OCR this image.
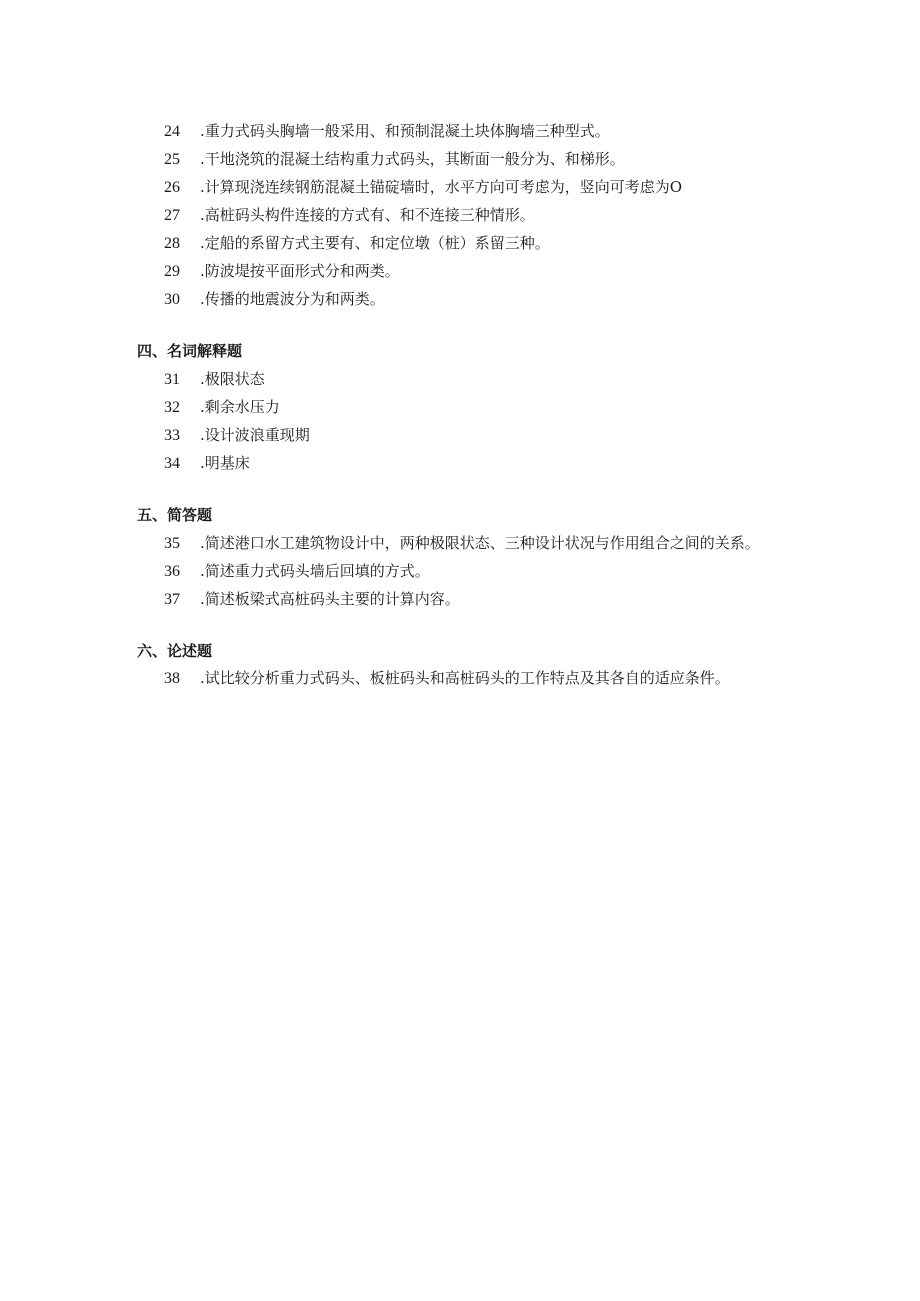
24 .重力式码头胸墙一般采用、和预制混凝土块体胸墙三种型式。
25 .干地浇筑的混凝土结构重力式码头，其断面一般分为、和梯形。
26 .计算现浇连续钢筋混凝土锚碇墙时，水平方向可考虑为，竖向可考虑为O
27 .高桩码头构件连接的方式有、和不连接三种情形。
28 .定船的系留方式主要有、和定位墩（桩）系留三种。
29 .防波堤按平面形式分和两类。
30 .传播的地震波分为和两类。
四、名词解释题
31 .极限状态
32 .剩余水压力
33 .设计波浪重现期
34 .明基床
五、简答题
35 .简述港口水工建筑物设计中，两种极限状态、三种设计状况与作用组合之间的关系。
36 .简述重力式码头墙后回填的方式。
37 .简述板梁式高桩码头主要的计算内容。
六、论述题
38 .试比较分析重力式码头、板桩码头和高桩码头的工作特点及其各自的适应条件。
